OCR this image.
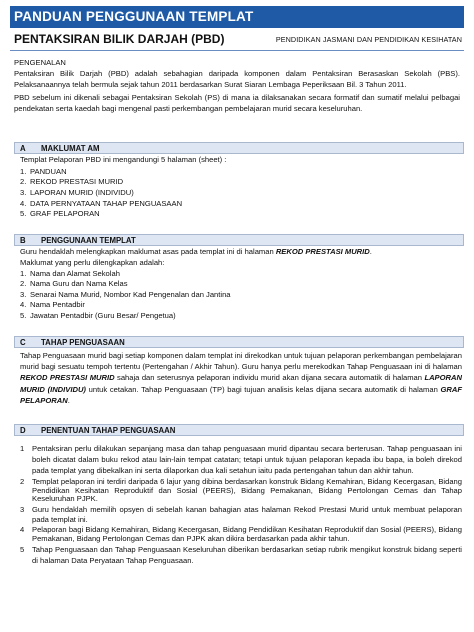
PANDUAN PENGGUNAAN TEMPLAT
PENTAKSIRAN BILIK DARJAH (PBD)	PENDIDIKAN JASMANI DAN PENDIDIKAN KESIHATAN
PENGENALAN
Pentaksiran Bilik Darjah (PBD) adalah sebahagian daripada komponen dalam Pentaksiran Berasaskan Sekolah (PBS). Pelaksanaannya telah bermula sejak tahun 2011 berdasarkan Surat Siaran Lembaga Peperiksaan Bil. 3 Tahun 2011.
PBD sebelum ini dikenali sebagai Pentaksiran Sekolah (PS) di mana ia dilaksanakan secara formatif dan sumatif melalui pelbagai pendekatan serta kaedah bagi mengenal pasti perkembangan pembelajaran murid secara keseluruhan.
A MAKLUMAT AM
Templat Pelaporan PBD ini mengandungi 5 halaman (sheet) :
1. PANDUAN
2. REKOD PRESTASI MURID
3. LAPORAN MURID (INDIVIDU)
4. DATA PERNYATAAN TAHAP PENGUASAAN
5. GRAF PELAPORAN
B PENGGUNAAN TEMPLAT
Guru hendaklah melengkapkan maklumat asas pada templat ini di halaman REKOD PRESTASI MURID.
Maklumat yang perlu dilengkapkan adalah:
1. Nama dan Alamat Sekolah
2. Nama Guru dan Nama Kelas
3. Senarai Nama Murid, Nombor Kad Pengenalan dan Jantina
4. Nama Pentadbir
5. Jawatan Pentadbir (Guru Besar/ Pengetua)
C TAHAP PENGUASAAN
Tahap Penguasaan murid bagi setiap komponen dalam templat ini direkodkan untuk tujuan pelaporan perkembangan pembelajaran murid bagi sesuatu tempoh tertentu (Pertengahan / Akhir Tahun). Guru hanya perlu merekodkan Tahap Penguasaan ini di halaman REKOD PRESTASI MURID sahaja dan seterusnya pelaporan individu murid akan dijana secara automatik di halaman LAPORAN MURID (INDIVIDU) untuk cetakan. Tahap Penguasaan (TP) bagi tujuan analisis kelas dijana secara automatik di halaman GRAF PELAPORAN.
D PENENTUAN TAHAP PENGUASAAN
1 Pentaksiran perlu dilakukan sepanjang masa dan tahap penguasaan murid dipantau secara berterusan. Tahap penguasaan ini boleh dicatat dalam buku rekod atau lain-lain tempat catatan; tetapi untuk tujuan pelaporan kepada ibu bapa, ia boleh direkod pada templat yang dibekalkan ini serta dilaporkan dua kali setahun iaitu pada pertengahan tahun dan akhir tahun.
2 Templat pelaporan ini terdiri daripada 6 lajur yang dibina berdasarkan konstruk Bidang Kemahiran, Bidang Kecergasan, Bidang Pendidikan Kesihatan Reproduktif dan Sosial (PEERS), Bidang Pemakanan, Bidang Pertolongan Cemas dan Tahap Keseluruhan PJPK.
3 Guru hendaklah memilih opsyen di sebelah kanan bahagian atas halaman Rekod Prestasi Murid untuk membuat pelaporan pada templat ini.
4 Pelaporan bagi Bidang Kemahiran, Bidang Kecergasan, Bidang Pendidikan Kesihatan Reproduktif dan Sosial (PEERS), Bidang Pemakanan, Bidang Pertolongan Cemas dan PJPK akan dikira berdasarkan pada akhir tahun.
5 Tahap Penguasaan dan Tahap Penguasaan Keseluruhan diberikan berdasarkan setiap rubrik mengikut konstruk bidang seperti di halaman Data Peryataan Tahap Penguasaan.
